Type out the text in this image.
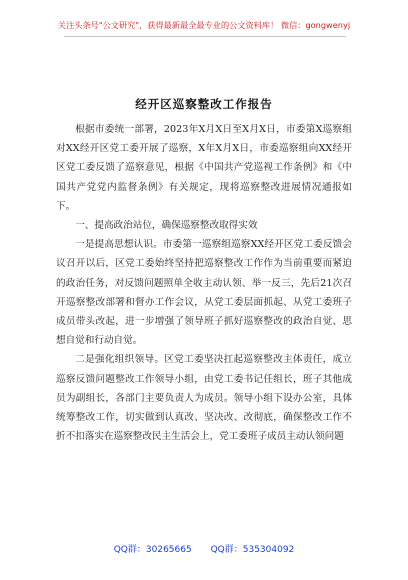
关注头条号"公文研究"，获得最新最全最专业的公文资料库！ 微信：gongwenyj
经开区巡察整改工作报告

根据市委统一部署，2023年X月X日至X月X日，市委第X巡察组对XX经开区党工委开展了巡察，X年X月X日，市委巡察组向XX经开区党工委反馈了巡察意见，根据《中国共产党巡视工作条例》和《中国共产党党内监督条例》有关规定，现将巡察整改进展情况通报如下。

一、提高政治站位，确保巡察整改取得实效

一是提高思想认识。市委第一巡察组巡察XX经开区党工委反馈会议召开以后，区党工委始终坚持把巡察整改工作作为当前重要而紧迫的政治任务，对反馈问题照单全收主动认领、举一反三，先后21次召开巡察整改部署和督办工作会议，从党工委层面抓起、从党工委班子成员带头改起，进一步增强了领导班子抓好巡察整改的政治自觉、思想自觉和行动自觉。

二是强化组织领导。区党工委坚决扛起巡察整改主体责任，成立巡察反馈问题整改工作领导小组，由党工委书记任组长，班子其他成员为副组长，各部门主要负责人为成员。领导小组下设办公室，具体统筹整改工作，切实做到认真改、坚决改、改彻底，确保整改工作不折不扣落实在巡察整改民主生活会上，党工委班子成员主动认领问题

QQ群：30265665 QQ群：535304092
